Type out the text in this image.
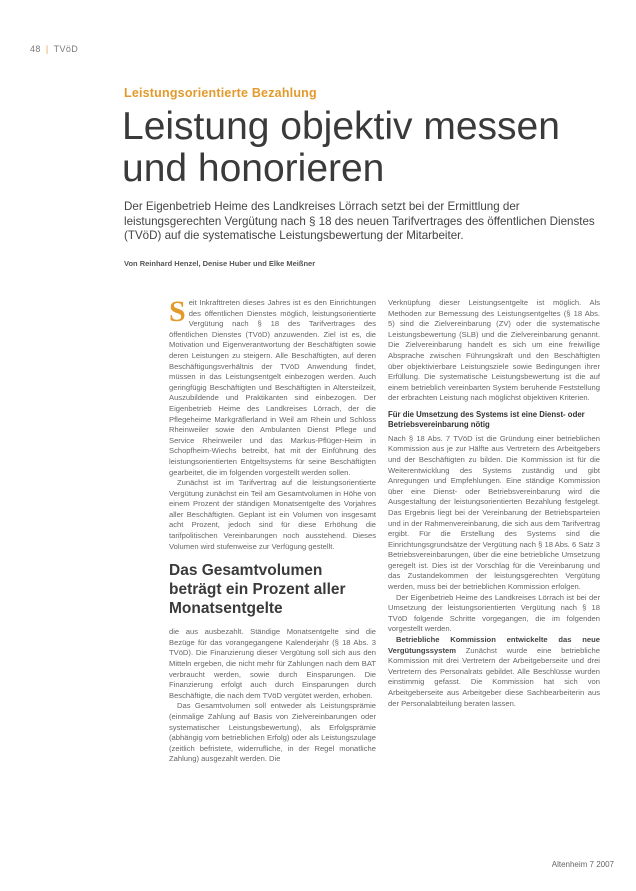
48 | TVöD
Leistungsorientierte Bezahlung
Leistung objektiv messen und honorieren

Der Eigenbetrieb Heime des Landkreises Lörrach setzt bei der Ermittlung der leistungsgerechten Vergütung nach § 18 des neuen Tarifvertrages des öffentlichen Dienstes (TVöD) auf die systematische Leistungsbewertung der Mitarbeiter.

Von Reinhard Henzel, Denise Huber und Elke Meißner

Seit Inkrafttreten dieses Jahres ist es den Einrichtungen des öffentlichen Dienstes möglich, leistungsorientierte Vergütung nach § 18 des Tarifvertrages des öffentlichen Dienstes (TVöD) anzuwenden. Ziel ist es, die Motivation und Eigenverantwortung der Beschäftigten sowie deren Leistungen zu steigern. Alle Beschäftigten, auf deren Beschäftigungsverhältnis der TVöD Anwendung findet, müssen in das Leistungsentgelt einbezogen werden. Auch geringfügig Beschäftigten und Beschäftigten in Altersteilzeit, Auszubildende und Praktikanten sind einbezogen. Der Eigenbetrieb Heime des Landkreises Lörrach, der die Pflegeheime Markgräflerland in Weil am Rhein und Schloss Rheinweiler sowie den Ambulanten Dienst Pflege und Service Rheinweiler und das Markus-Pflüger-Heim in Schopfheim-Wiechs betreibt, hat mit der Einführung des leistungsorientierten Entgeltsystems für seine Beschäftigten gearbeitet, die im folgenden vorgestellt werden sollen.

Zunächst ist im Tarifvertrag auf die leistungsorientierte Vergütung zunächst ein Teil am Gesamtvolumen in Höhe von einem Prozent der ständigen Monatsentgelte des Vorjahres aller Beschäftigten. Geplant ist ein Volumen von insgesamt acht Prozent, jedoch sind für diese Erhöhung die tarifpolitischen Vereinbarungen noch ausstehend. Dieses Volumen wird stufenweise zur Verfügung gestellt.

Das Gesamtvolumen beträgt ein Prozent aller Monatsentgelte

die aus ausbezahlt. Ständige Monatsentgelte sind die Bezüge für das vorangegangene Kalenderjahr (§ 18 Abs. 3 TVöD). Die Finanzierung dieser Vergütung soll sich aus den Mitteln ergeben, die nicht mehr für Zahlungen nach dem BAT verbraucht werden, sowie durch Einsparungen. Die Finanzierung erfolgt auch durch Einsparungen durch Beschäftigte, die nach dem TVöD vergütet werden, erhoben.

Das Gesamtvolumen soll entweder als Leistungsprämie (einmalige Zahlung auf Basis von Zielvereinbarungen oder systematischer Leistungsbewertung), als Erfolgsprämie (abhängig vom betrieblichen Erfolg) oder als Leistungszulage (zeitlich befristete, widerrufliche, in der Regel monatliche Zahlung) ausgezahlt werden. Die

Verknüpfung dieser Leistungsentgelte ist möglich. Als Methoden zur Bemessung des Leistungsentgeltes (§ 18 Abs. 5) sind die Zielvereinbarung (ZV) oder die systematische Leistungsbewertung (SLB) und die Zielvereinbarung genannt. Die Zielvereinbarung handelt es sich um eine freiwillige Absprache zwischen Führungskraft und den Beschäftigten über objektivierbare Leistungsziele sowie Bedingungen ihrer Erfüllung. Die systematische Leistungsbewertung ist die auf einem betrieblich vereinbarten System beruhende Feststellung der erbrachten Leistung nach möglichst objektiven Kriterien.

Für die Umsetzung des Systems ist eine Dienst- oder Betriebsvereinbarung nötig

Nach § 18 Abs. 7 TVöD ist die Gründung einer betrieblichen Kommission aus je zur Hälfte aus Vertretern des Arbeitgebers und der Beschäftigten zu bilden. Die Kommission ist für die Weiterentwicklung des Systems zuständig und gibt Anregungen und Empfehlungen. Eine ständige Kommission über eine Dienst- oder Betriebsvereinbarung wird die Ausgestaltung der leistungsorientierten Bezahlung festgelegt. Das Ergebnis liegt bei der Vereinbarung der Betriebsparteien und in der Rahmenvereinbarung, die sich aus dem Tarifvertrag ergibt. Für die Erstellung des Systems sind die Einrichtungsgrundsätze der Vergütung nach § 18 Abs. 6 Satz 3 Betriebsvereinbarungen, über die eine betriebliche Umsetzung geregelt ist. Dies ist der Vorschlag für die Vereinbarung und das Zustandekommen der leistungsgerechten Vergütung werden, muss bei der betrieblichen Kommission erfolgen.

Der Eigenbetrieb Heime des Landkreises Lörrach ist bei der Umsetzung der leistungsorientierten Vergütung nach § 18 TVöD folgende Schritte vorgegangen, die im folgenden vorgestellt werden.

Betriebliche Kommission entwickelte das neue Vergütungssystem Zunächst wurde eine betriebliche Kommission mit drei Vertretern der Arbeitgeberseite und drei Vertretern des Personalrats gebildet. Alle Beschlüsse wurden einstimmig gefasst. Die Kommission hat sich von Arbeitgeberseite aus Arbeitgeber diese Sachbearbeiterin aus der Personalabteilung beraten lassen.

Altenheim 7 2007
